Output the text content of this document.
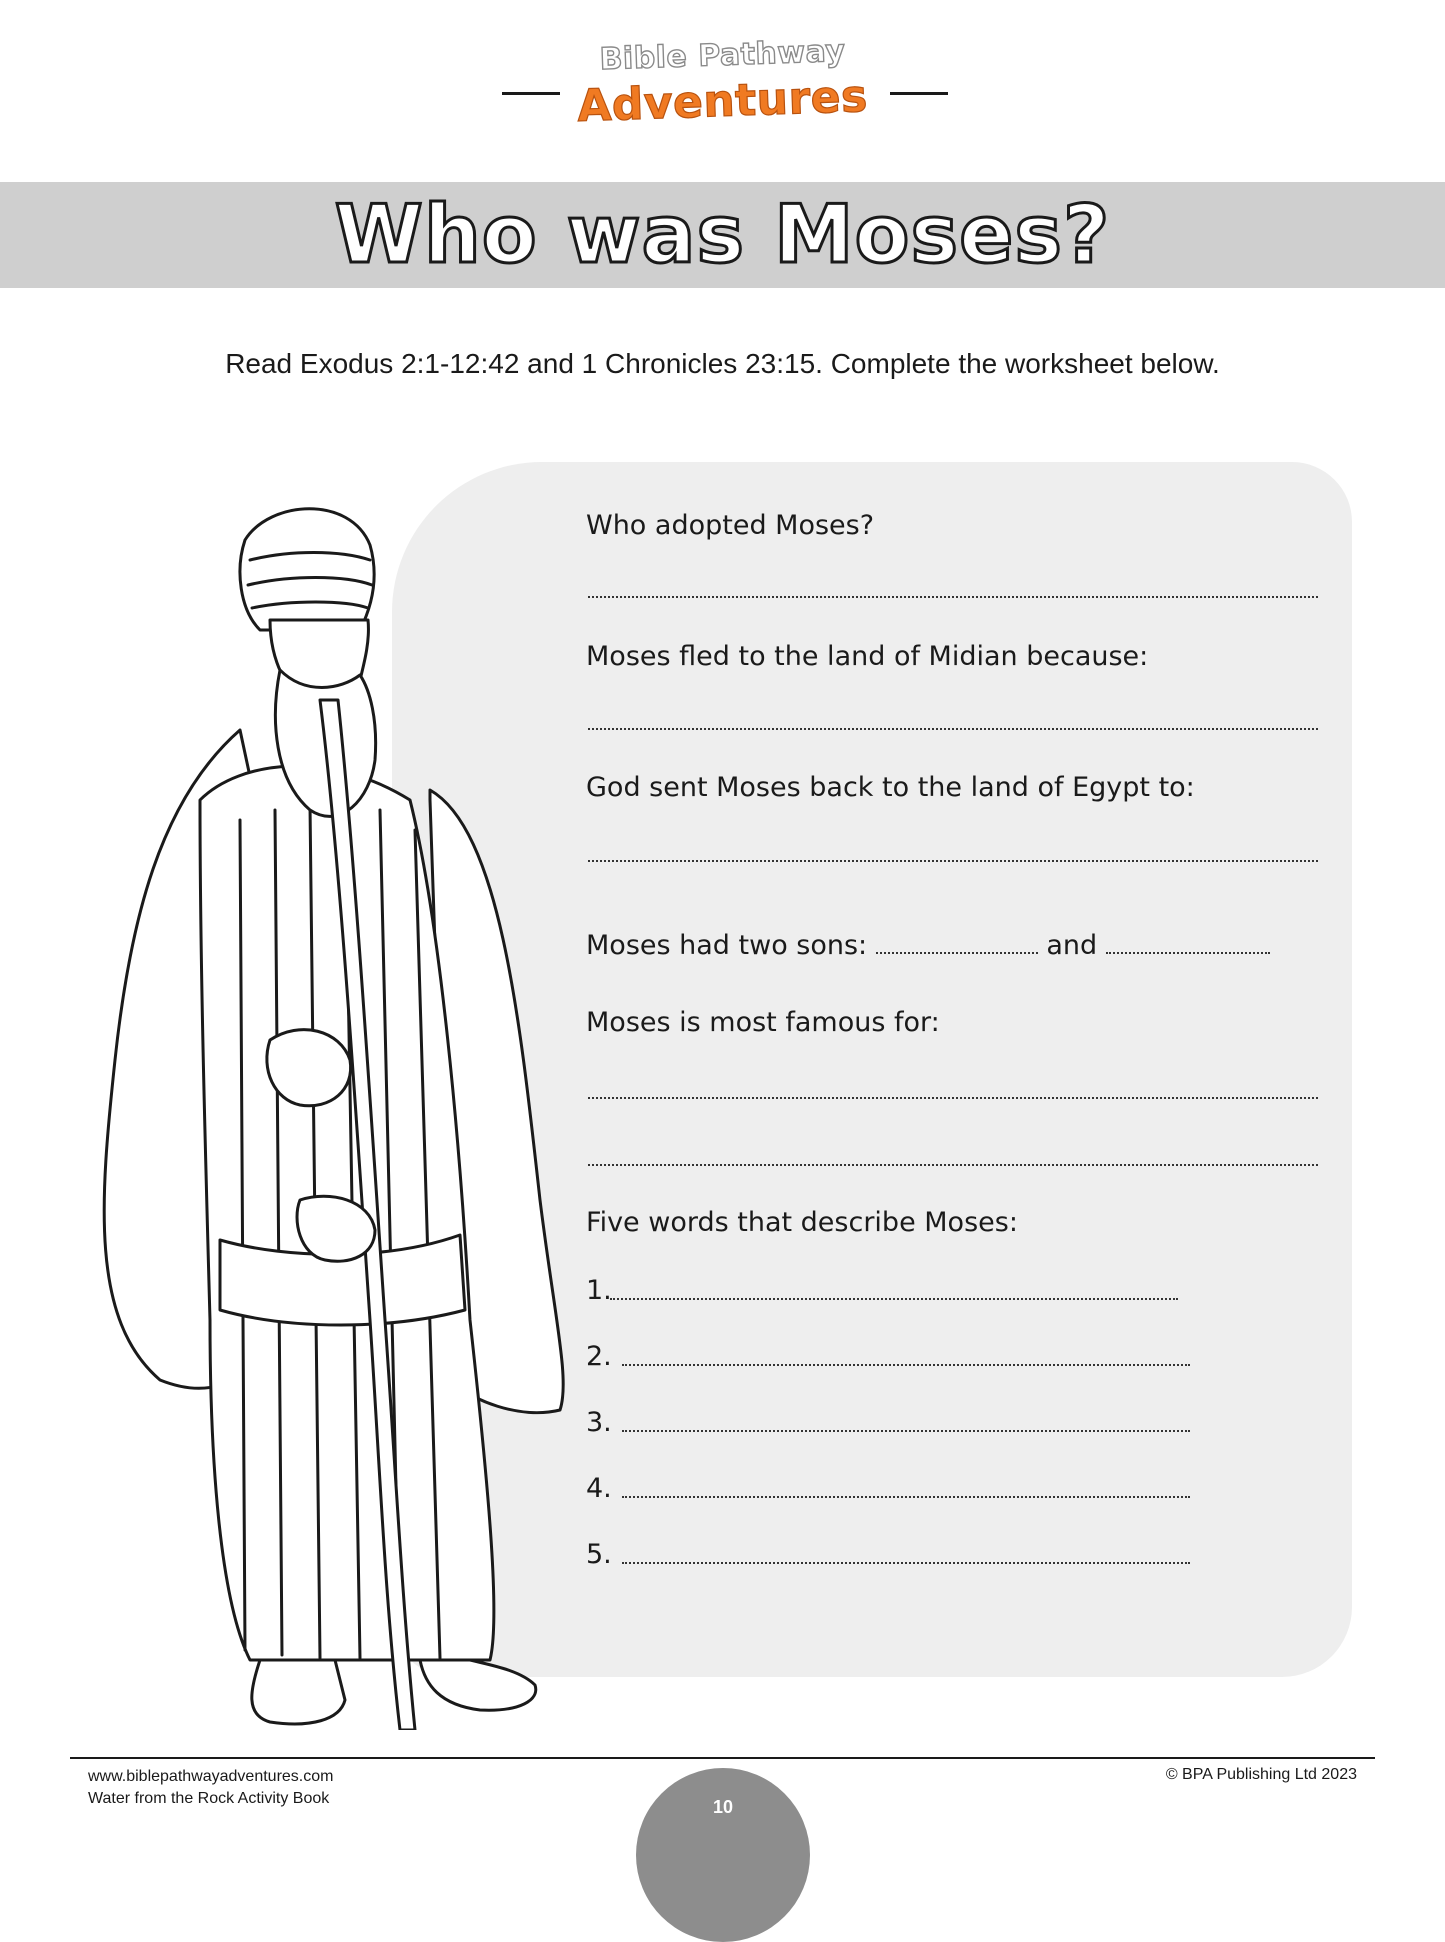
Bible Pathway
Adventures
Who was Moses?
Read Exodus 2:1-12:42 and 1 Chronicles 23:15. Complete the worksheet below.
Who adopted Moses?
Moses fled to the land of Midian because:
God sent Moses back to the land of Egypt to:
Moses had two sons:	and
Moses is most famous for:
Five words that describe Moses:
1.
2.
3.
4.
5.
www.biblepathwayadventures.com
Water from the Rock Activity Book
© BPA Publishing Ltd 2023
10
